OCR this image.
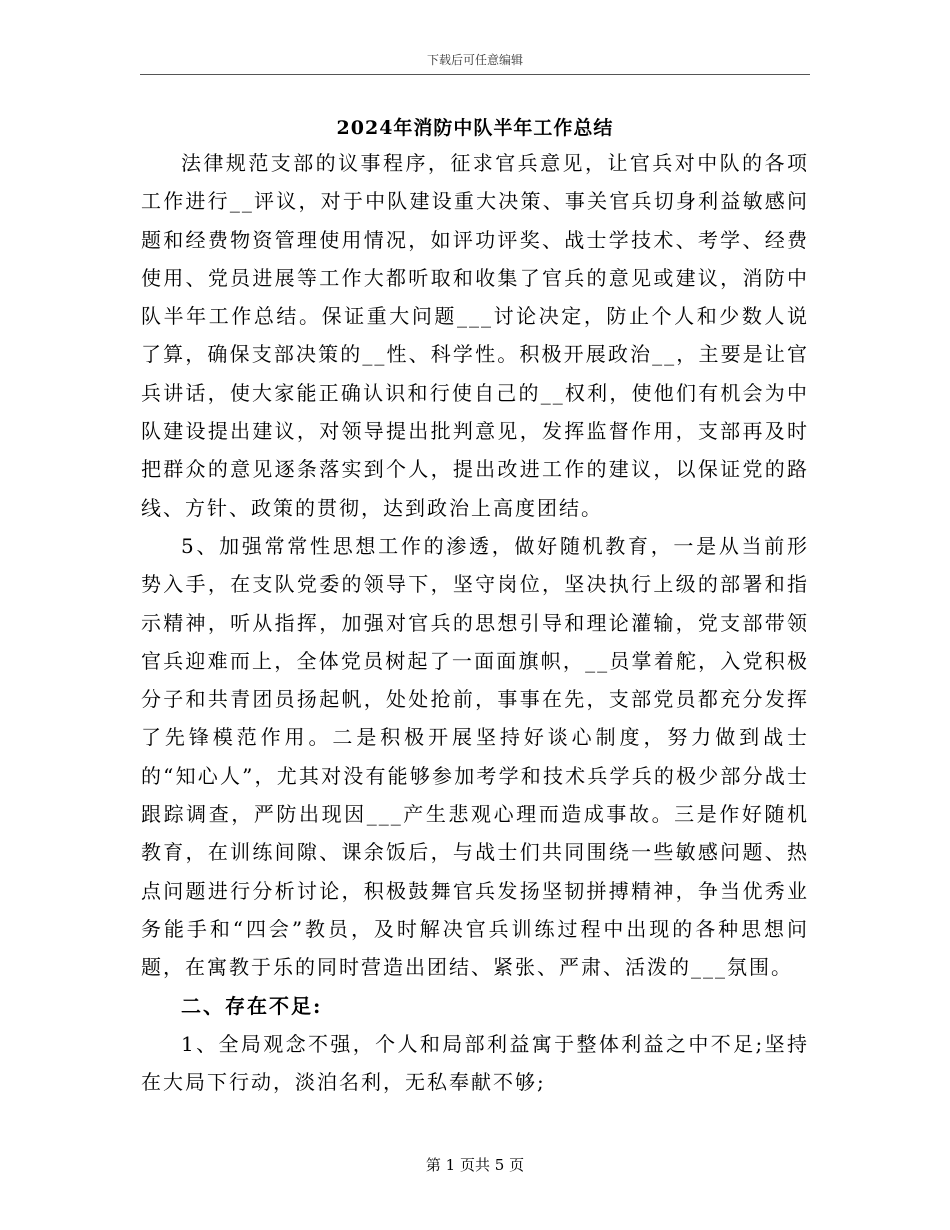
下载后可任意编辑
2024年消防中队半年工作总结

法律规范支部的议事程序，征求官兵意见，让官兵对中队的各项工作进行__评议，对于中队建设重大决策、事关官兵切身利益敏感问题和经费物资管理使用情况，如评功评奖、战士学技术、考学、经费使用、党员进展等工作大都听取和收集了官兵的意见或建议，消防中队半年工作总结。保证重大问题___讨论决定，防止个人和少数人说了算，确保支部决策的__性、科学性。积极开展政治__，主要是让官兵讲话，使大家能正确认识和行使自己的__权利，使他们有机会为中队建设提出建议，对领导提出批判意见，发挥监督作用，支部再及时把群众的意见逐条落实到个人，提出改进工作的建议，以保证党的路线、方针、政策的贯彻，达到政治上高度团结。

5、加强常常性思想工作的渗透，做好随机教育，一是从当前形势入手，在支队党委的领导下，坚守岗位，坚决执行上级的部署和指示精神，听从指挥，加强对官兵的思想引导和理论灌输，党支部带领官兵迎难而上，全体党员树起了一面面旗帜，__员掌着舵，入党积极分子和共青团员扬起帆，处处抢前，事事在先，支部党员都充分发挥了先锋模范作用。二是积极开展坚持好谈心制度，努力做到战士的“知心人”，尤其对没有能够参加考学和技术兵学兵的极少部分战士跟踪调查，严防出现因___产生悲观心理而造成事故。三是作好随机教育，在训练间隙、课余饭后，与战士们共同围绕一些敏感问题、热点问题进行分析讨论，积极鼓舞官兵发扬坚韧拼搏精神，争当优秀业务能手和“四会”教员，及时解决官兵训练过程中出现的各种思想问题，在寓教于乐的同时营造出团结、紧张、严肃、活泼的___氛围。

二、存在不足:

1、全局观念不强，个人和局部利益寓于整体利益之中不足;坚持在大局下行动，淡泊名利，无私奉献不够;

第 1 页共 5 页
